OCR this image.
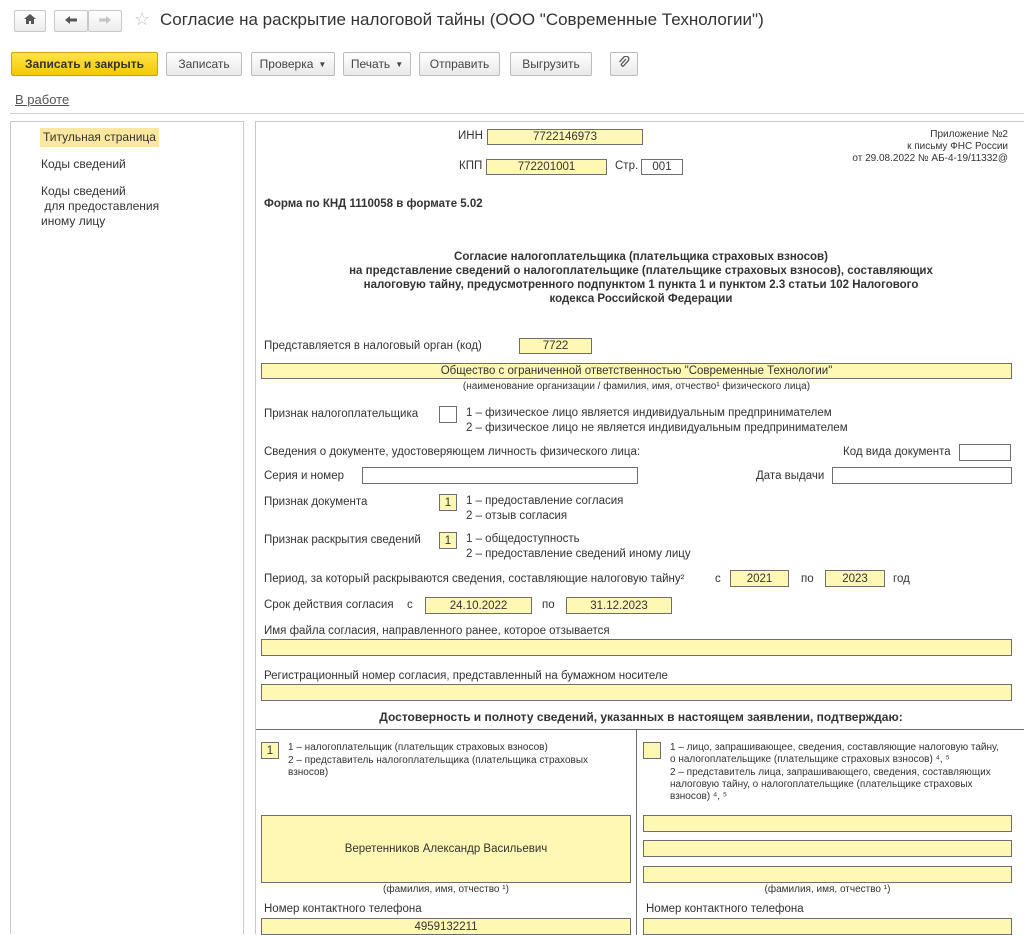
☆ Согласие на раскрытие налоговой тайны (ООО "Современные Технологии")
Записать и закрыть	Записать	Проверка ▼ Печать ▼ Отправить	Выгрузить
В работе
Титульная страница
Коды сведений
Коды сведений
для предоставления
иному лицу
ИНН	7722146973
КПП	772201001	Стр.	001
Приложение №2
к письму ФНС России
от 29.08.2022 № АБ-4-19/11332@
Форма по КНД 1110058 в формате 5.02
Согласие налогоплательщика (плательщика страховых взносов)
на представление сведений о налогоплательщике (плательщике страховых взносов), составляющих
налоговую тайну, предусмотренного подпунктом 1 пункта 1 и пунктом 2.3 статьи 102 Налогового
кодекса Российской Федерации
Представляется в налоговый орган (код)	7722
Общество с ограниченной ответственностью "Современные Технологии"
(наименование организации / фамилия, имя, отчество¹ физического лица)
Признак налогоплательщика	1 – физическое лицо является индивидуальным предпринимателем
2 – физическое лицо не является индивидуальным предпринимателем
Сведения о документе, удостоверяющем личность физического лица:	Код вида документа
Серия и номер	Дата выдачи
Признак документа	1	1 – предоставление согласия
2 – отзыв согласия
Признак раскрытия сведений	1	1 – общедоступность
2 – предоставление сведений иному лицу
Период, за который раскрываются сведения, составляющие налоговую тайну²	с	2021	по	2023	год
Срок действия согласия с	24.10.2022	по	31.12.2023
Имя файла согласия, направленного ранее, которое отзывается
Регистрационный номер согласия, представленный на бумажном носителе
Достоверность и полноту сведений, указанных в настоящем заявлении, подтверждаю:
1	1 – налогоплательщик (плательщик страховых взносов)
2 – представитель налогоплательщика (плательщика страховых
взносов)
Веретенников Александр Васильевич
(фамилия, имя, отчество ¹)
Номер контактного телефона
4959132211
1 – лицо, запрашивающее, сведения, составляющие налоговую тайну,
о налогоплательщике (плательщике страховых взносов) ⁴, ⁵
2 – представитель лица, запрашивающего, сведения, составляющих
налоговую тайну, о налогоплательщике (плательщике страховых
взносов) ⁴, ⁵
(фамилия, имя, отчество ¹)
Номер контактного телефона
